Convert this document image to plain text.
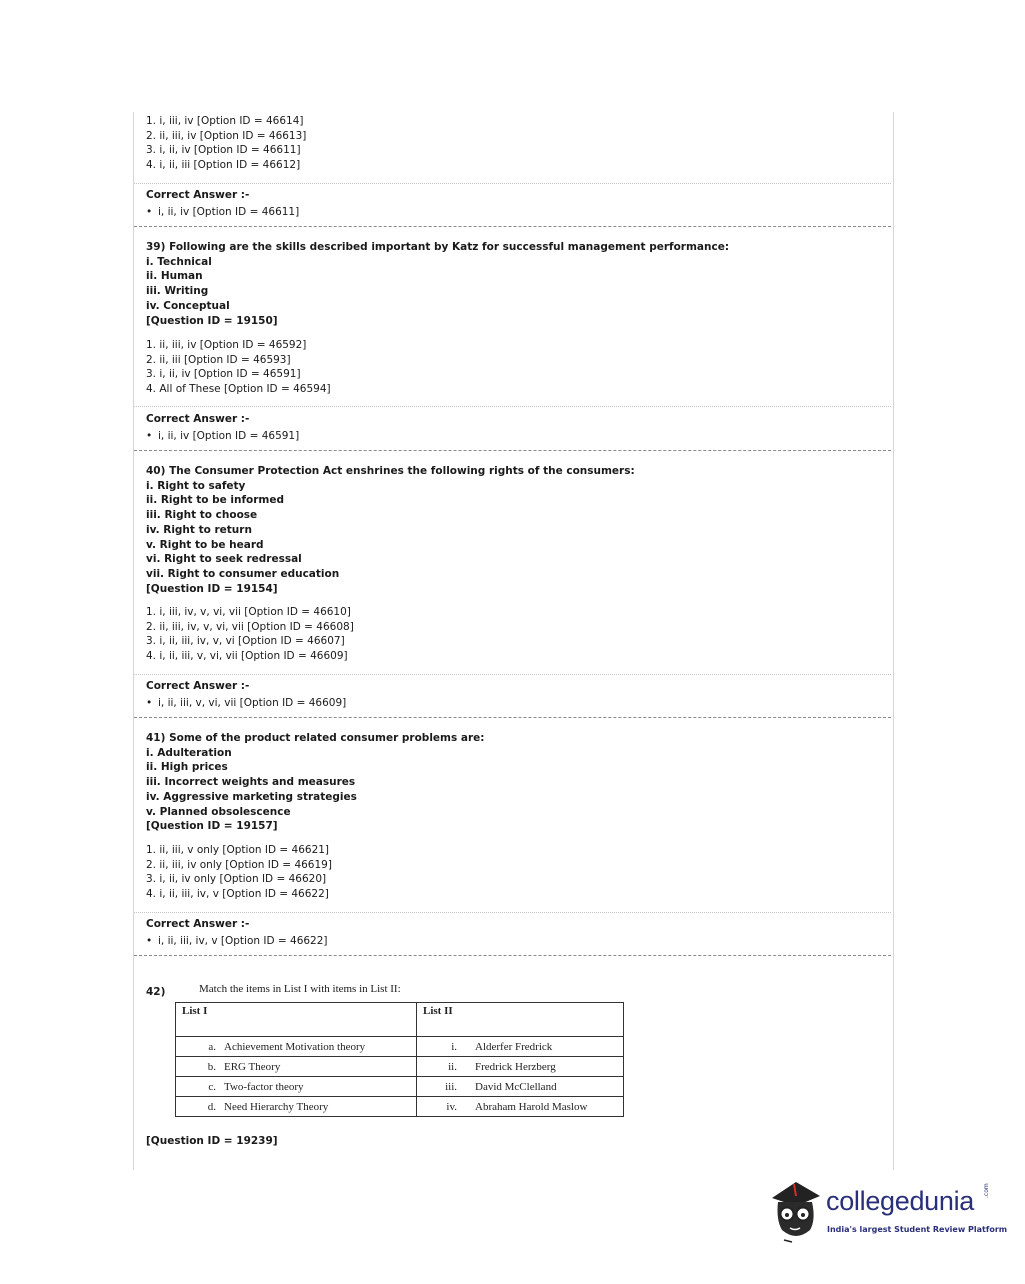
1. i, iii, iv [Option ID = 46614]
2. ii, iii, iv [Option ID = 46613]
3. i, ii, iv [Option ID = 46611]
4. i, ii, iii [Option ID = 46612]
Correct Answer :-
• i, ii, iv [Option ID = 46611]
39) Following are the skills described important by Katz for successful management performance:
i. Technical
ii. Human
iii. Writing
iv. Conceptual
[Question ID = 19150]
1. ii, iii, iv [Option ID = 46592]
2. ii, iii [Option ID = 46593]
3. i, ii, iv [Option ID = 46591]
4. All of These [Option ID = 46594]
Correct Answer :-
• i, ii, iv [Option ID = 46591]
40) The Consumer Protection Act enshrines the following rights of the consumers:
i. Right to safety
ii. Right to be informed
iii. Right to choose
iv. Right to return
v. Right to be heard
vi. Right to seek redressal
vii. Right to consumer education
[Question ID = 19154]
1. i, iii, iv, v, vi, vii [Option ID = 46610]
2. ii, iii, iv, v, vi, vii [Option ID = 46608]
3. i, ii, iii, iv, v, vi [Option ID = 46607]
4. i, ii, iii, v, vi, vii [Option ID = 46609]
Correct Answer :-
• i, ii, iii, v, vi, vii [Option ID = 46609]
41) Some of the product related consumer problems are:
i. Adulteration
ii. High prices
iii. Incorrect weights and measures
iv. Aggressive marketing strategies
v. Planned obsolescence
[Question ID = 19157]
1. ii, iii, v only [Option ID = 46621]
2. ii, iii, iv only [Option ID = 46619]
3. i, ii, iv only [Option ID = 46620]
4. i, ii, iii, iv, v [Option ID = 46622]
Correct Answer :-
• i, ii, iii, iv, v [Option ID = 46622]
42)	Match the items in List I with items in List II:
List I	List II

a. Achievement Motivation theory	i. Alderfer Fredrick

b. ERG Theory	ii. Fredrick Herzberg

c. Two-factor theory	iii. David McClelland

d. Need Hierarchy Theory	iv. Abraham Harold Maslow
[Question ID = 19239]
collegedunia .com
India's largest Student Review Platform
